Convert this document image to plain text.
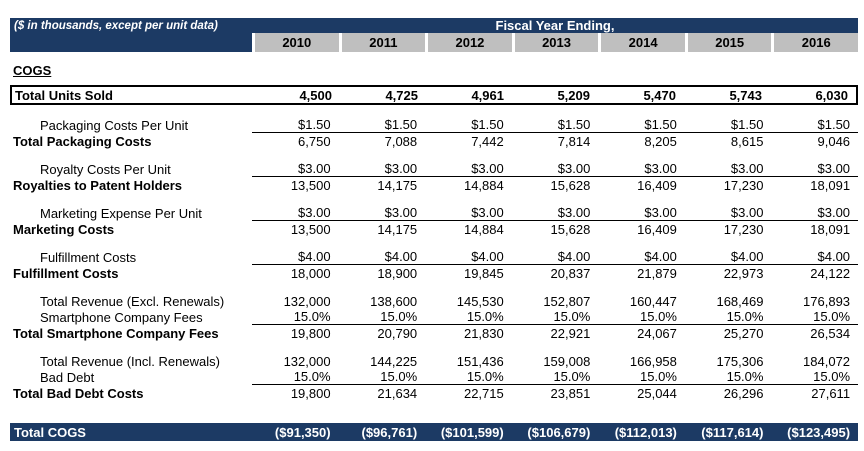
($ in thousands, except per unit data)	Fiscal Year Ending,
2010	2011	2012	2013	2014	2015	2016
COGS
Total Units Sold	4,500	4,725	4,961	5,209	5,470	5,743	6,030
Packaging Costs Per Unit	$1.50	$1.50	$1.50	$1.50	$1.50	$1.50	$1.50
Total Packaging Costs	6,750	7,088	7,442	7,814	8,205	8,615	9,046
Royalty Costs Per Unit	$3.00	$3.00	$3.00	$3.00	$3.00	$3.00	$3.00
Royalties to Patent Holders	13,500	14,175	14,884	15,628	16,409	17,230	18,091
Marketing Expense Per Unit	$3.00	$3.00	$3.00	$3.00	$3.00	$3.00	$3.00
Marketing Costs	13,500	14,175	14,884	15,628	16,409	17,230	18,091
Fulfillment Costs	$4.00	$4.00	$4.00	$4.00	$4.00	$4.00	$4.00
Fulfillment Costs	18,000	18,900	19,845	20,837	21,879	22,973	24,122
Total Revenue (Excl. Renewals)	132,000	138,600	145,530	152,807	160,447	168,469	176,893
Smartphone Company Fees	15.0%	15.0%	15.0%	15.0%	15.0%	15.0%	15.0%
Total Smartphone Company Fees	19,800	20,790	21,830	22,921	24,067	25,270	26,534
Total Revenue (Incl. Renewals)	132,000	144,225	151,436	159,008	166,958	175,306	184,072
Bad Debt	15.0%	15.0%	15.0%	15.0%	15.0%	15.0%	15.0%
Total Bad Debt Costs	19,800	21,634	22,715	23,851	25,044	26,296	27,611
Total COGS	($91,350)	($96,761)	($101,599)	($106,679)	($112,013)	($117,614)	($123,495)
